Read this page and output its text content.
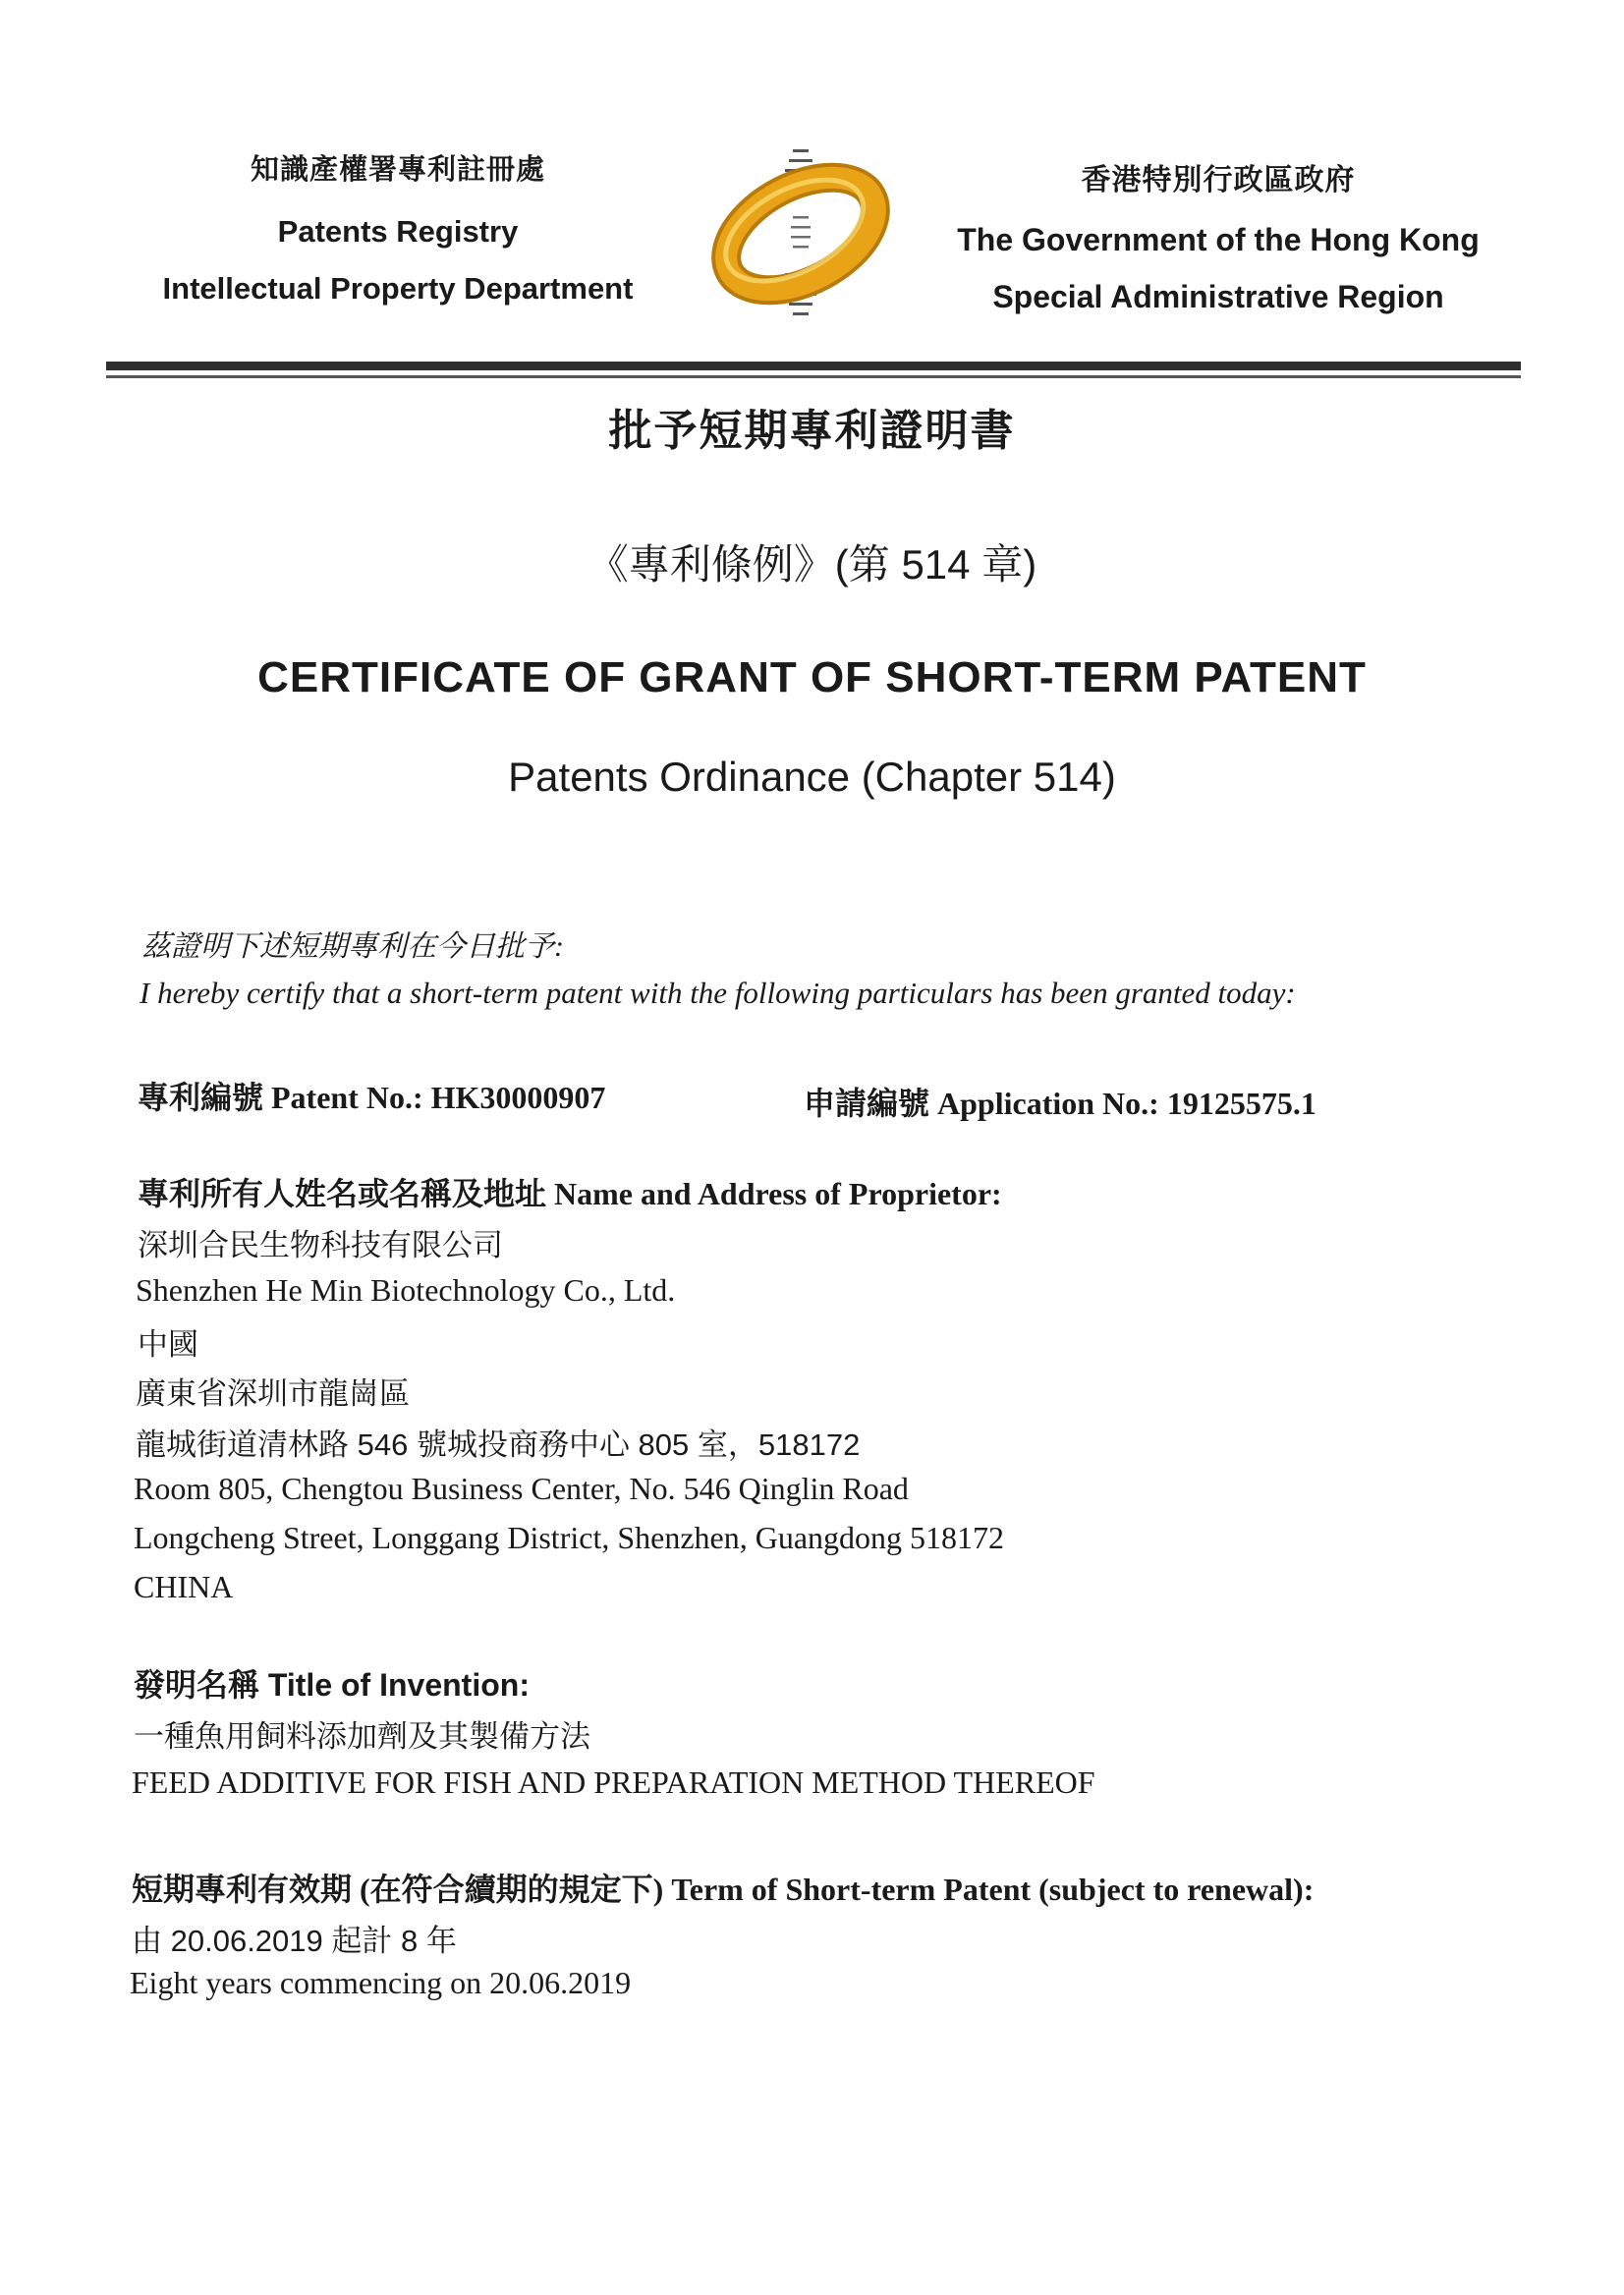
知識產權署專利註冊處
Patents Registry
Intellectual Property Department
香港特別行政區政府
The Government of the Hong Kong
Special Administrative Region
批予短期專利證明書
《專利條例》(第 514 章)
CERTIFICATE OF GRANT OF SHORT-TERM PATENT
Patents Ordinance (Chapter 514)
茲證明下述短期專利在今日批予:
I hereby certify that a short-term patent with the following particulars has been granted today:
專利編號 Patent No.: HK30000907	申請編號 Application No.: 19125575.1
專利所有人姓名或名稱及地址 Name and Address of Proprietor:
深圳合民生物科技有限公司
Shenzhen He Min Biotechnology Co., Ltd.
中國
廣東省深圳市龍崗區
龍城街道清林路 546 號城投商務中心 805 室，518172
Room 805, Chengtou Business Center, No. 546 Qinglin Road
Longcheng Street, Longgang District, Shenzhen, Guangdong 518172
CHINA
發明名稱 Title of Invention:
一種魚用飼料添加劑及其製備方法
FEED ADDITIVE FOR FISH AND PREPARATION METHOD THEREOF
短期專利有效期 (在符合續期的規定下) Term of Short-term Patent (subject to renewal):
由 20.06.2019 起計 8 年
Eight years commencing on 20.06.2019
